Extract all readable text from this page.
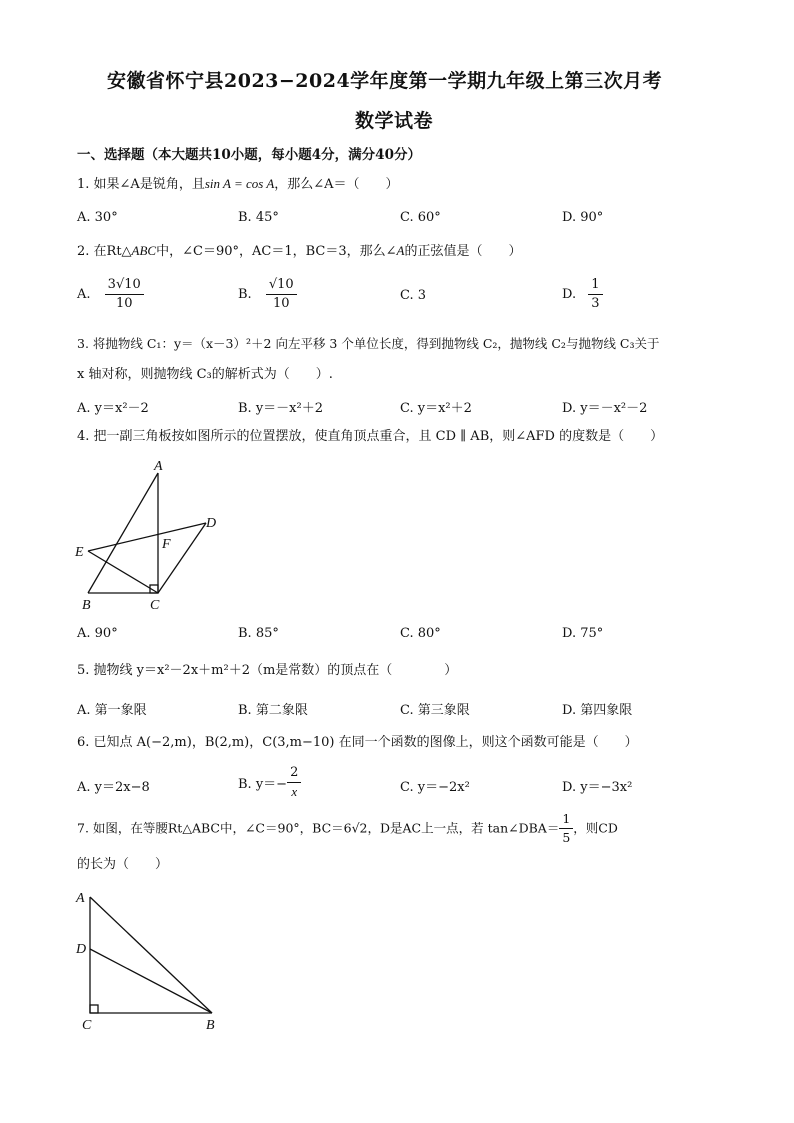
安徽省怀宁县2023−2024学年度第一学期九年级上第三次月考
数学试卷
一、选择题（本大题共10小题，每小题4分，满分40分）
1. 如果∠A是锐角，且sin A = cos A，那么∠A＝（　　）
A. 30°	B. 45°	C. 60°	D. 90°
2. 在Rt△ABC中，∠C＝90°，AC＝1，BC＝3，那么∠A的正弦值是（　　）
A. $\frac{3√10}{10}$	B. $\frac{√10}{10}$	C. 3	D. $\frac{1}{3}$
3. 将抛物线 C₁：y＝（x－3）²＋2 向左平移 3 个单位长度，得到抛物线 C₂，抛物线 C₂与抛物线 C₃关于
x 轴对称，则抛物线 C₃的解析式为（　　）.
A. y＝x²－2	B. y＝－x²＋2	C. y＝x²＋2	D. y＝－x²－2
4. 把一副三角板按如图所示的位置摆放，使直角顶点重合，且 CD ∥ AB，则∠AFD 的度数是（　　）
A
D
E
F
B	C
A. 90°	B. 85°	C. 80°	D. 75°
5. 抛物线 y＝x²－2x＋m²＋2（m是常数）的顶点在（　　　　）
A. 第一象限	B. 第二象限	C. 第三象限	D. 第四象限
6. 已知点 A(−2,m)，B(2,m)，C(3,m−10) 在同一个函数的图像上，则这个函数可能是（　　）
A. y＝2x−8	B. $y=- \frac{2}{x}$	C. y＝−2x²	D. y＝−3x²
7. 如图，在等腰Rt△ABC中，∠C＝90°，BC＝6√2，D是AC上一点，若 tan∠DBA＝ $\frac{1}{5}$ ，则CD
的长为（　　）
A
D
C	B
